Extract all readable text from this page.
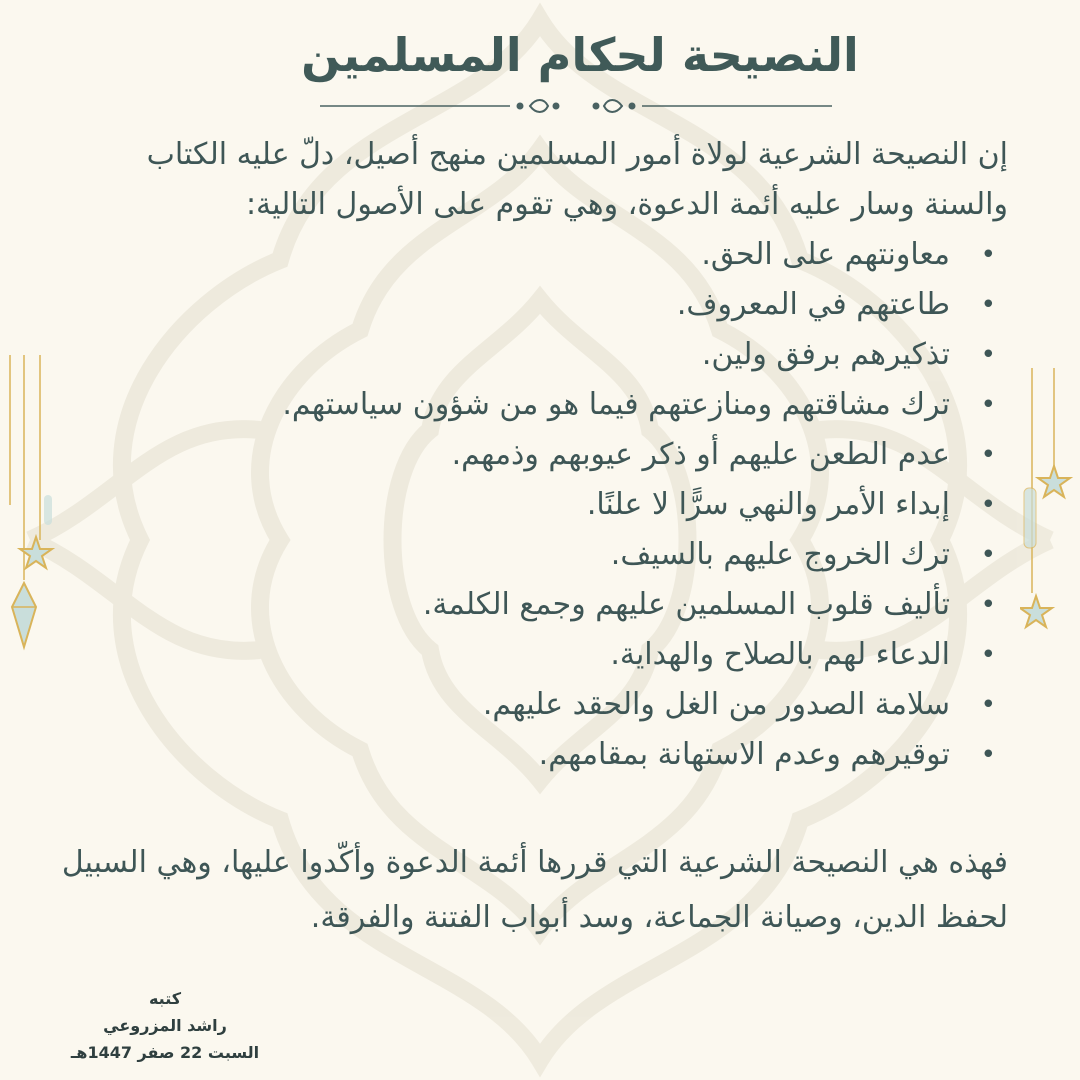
النصيحة لحكام المسلمين

إن النصيحة الشرعية لولاة أمور المسلمين منهج أصيل، دلّ عليه الكتاب والسنة وسار عليه أئمة الدعوة، وهي تقوم على الأصول التالية:

• معاونتهم على الحق.
• طاعتهم في المعروف.
• تذكيرهم برفق ولين.
• ترك مشاقتهم ومنازعتهم فيما هو من شؤون سياستهم.
• عدم الطعن عليهم أو ذكر عيوبهم وذمهم.
• إبداء الأمر والنهي سرًّا لا علنًا.
• ترك الخروج عليهم بالسيف.
• تأليف قلوب المسلمين عليهم وجمع الكلمة.
• الدعاء لهم بالصلاح والهداية.
• سلامة الصدور من الغل والحقد عليهم.
• توقيرهم وعدم الاستهانة بمقامهم.

فهذه هي النصيحة الشرعية التي قررها أئمة الدعوة وأكّدوا عليها، وهي السبيل لحفظ الدين، وصيانة الجماعة، وسد أبواب الفتنة والفرقة.

كتبه
راشد المزروعي
السبت 22 صفر 1447هـ
